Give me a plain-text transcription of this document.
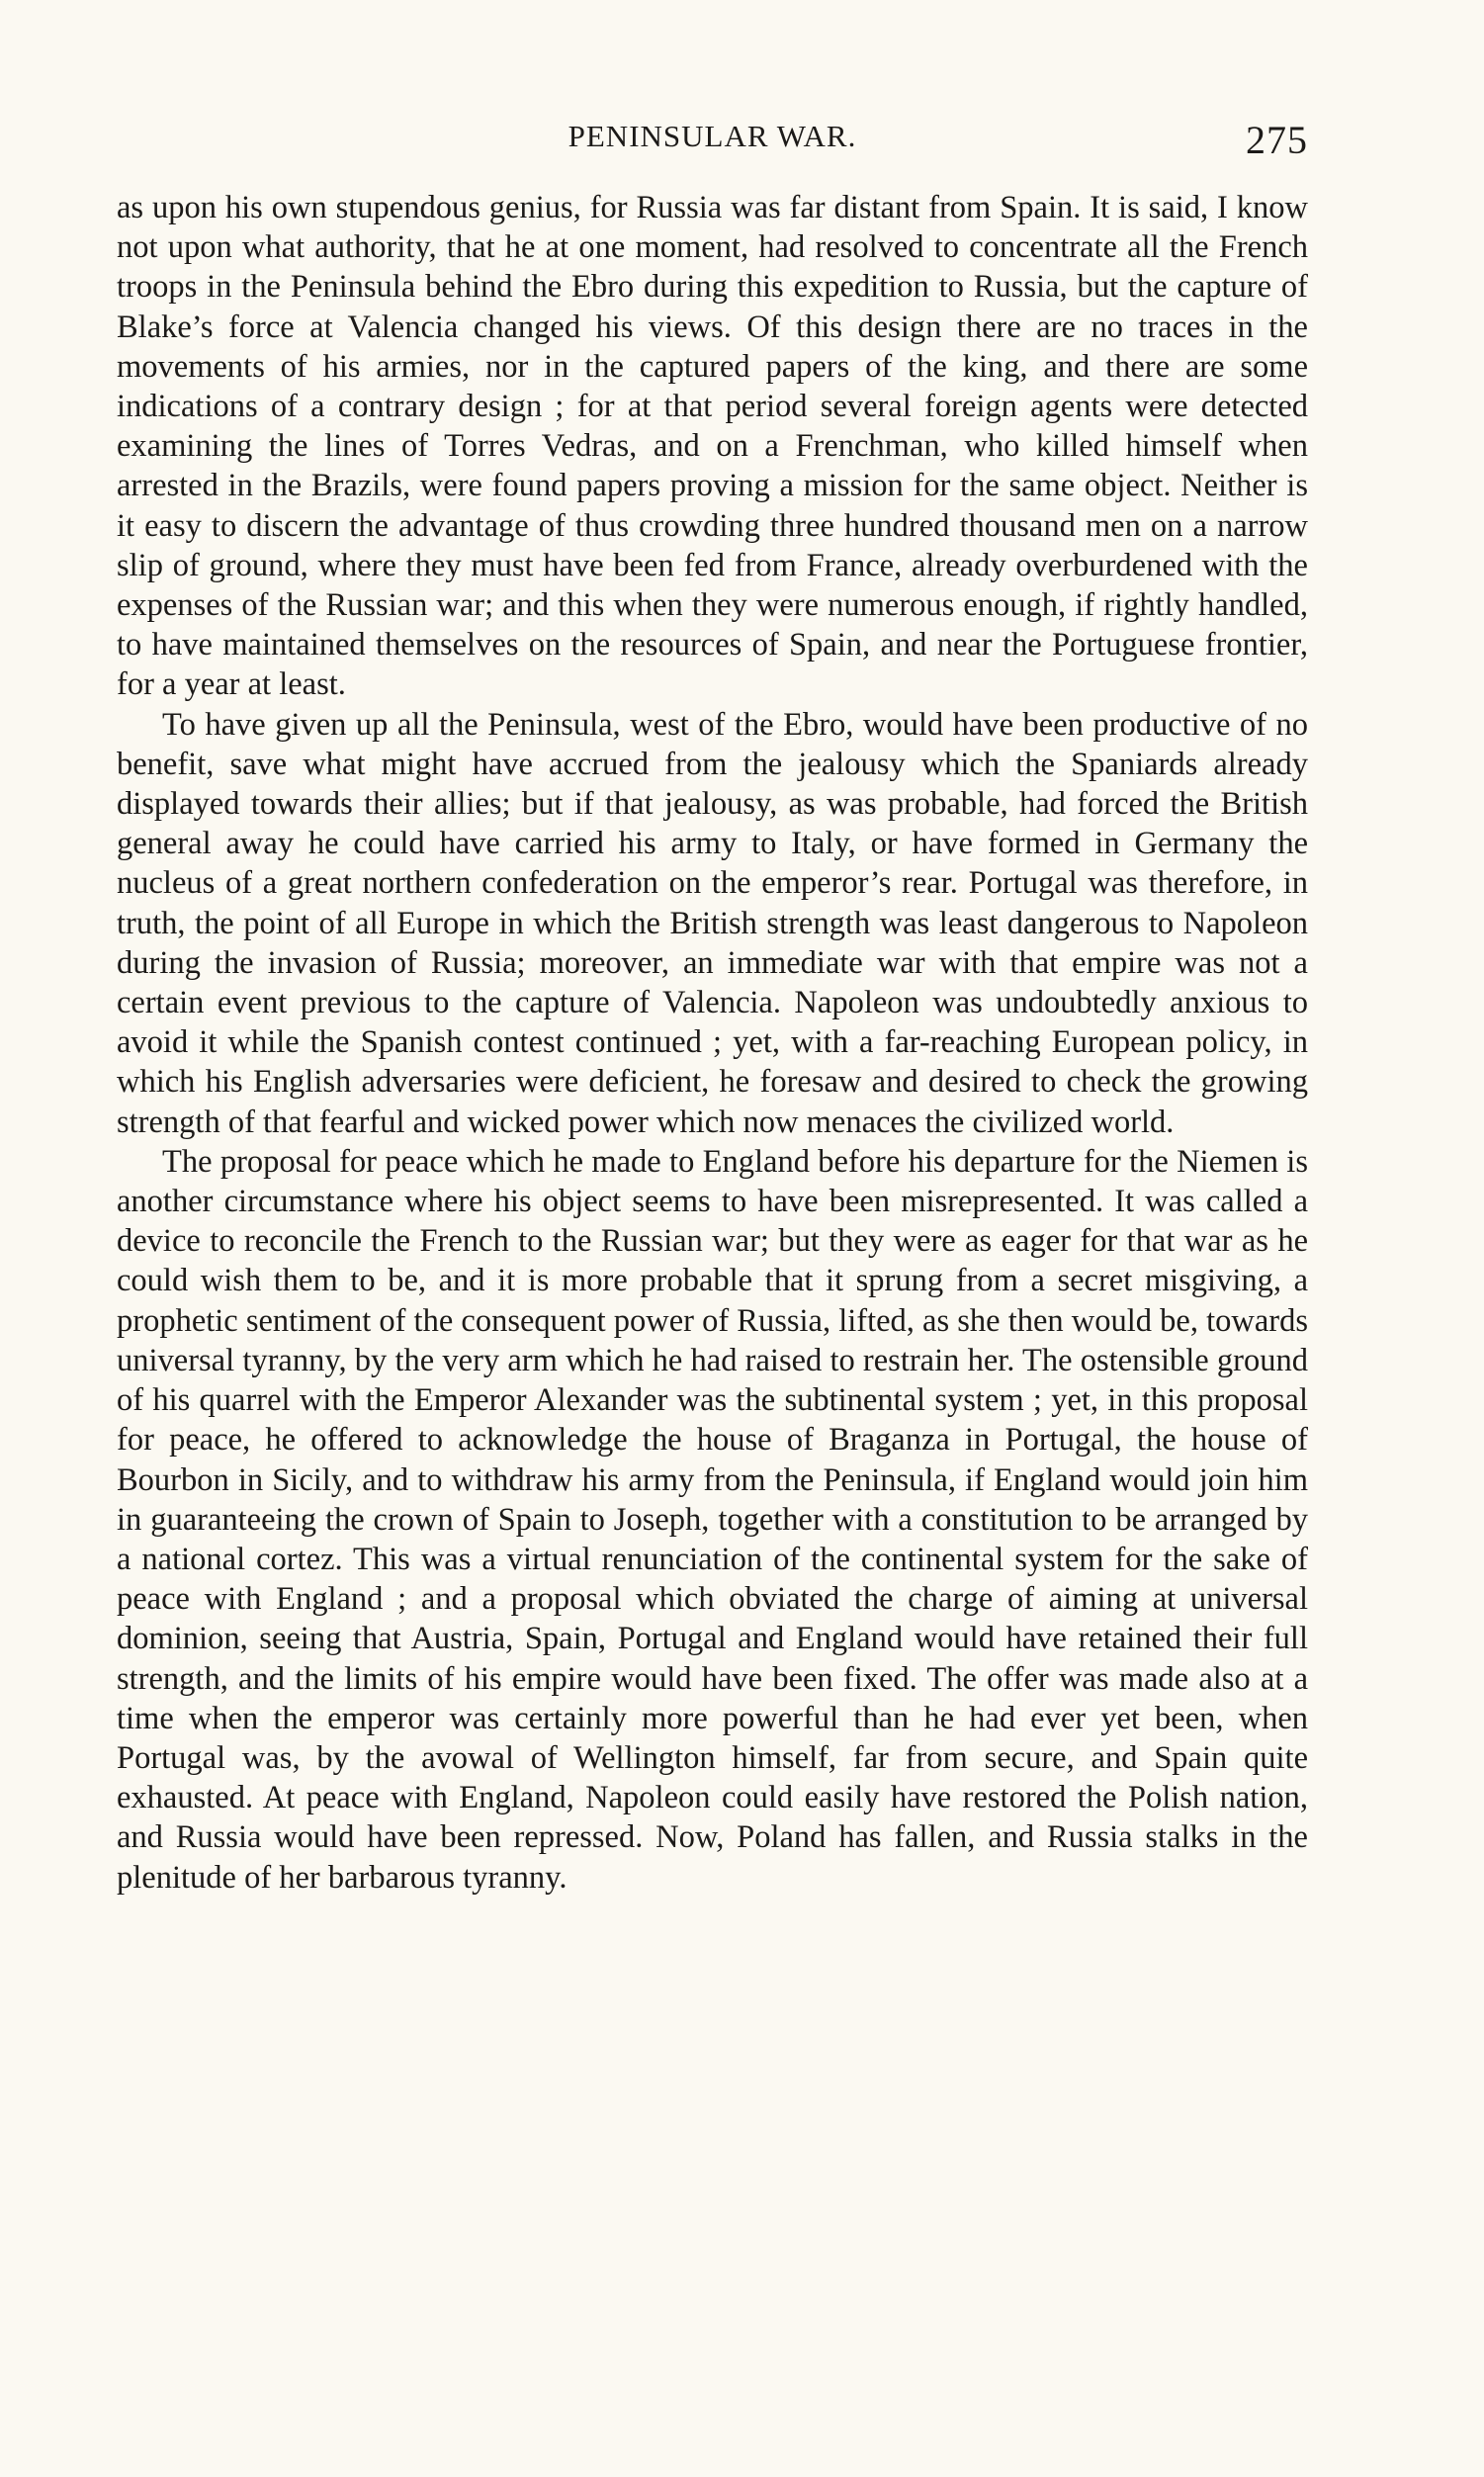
PENINSULAR WAR.	275

as upon his own stupendous genius, for Russia was far distant from Spain. It is said, I know not upon what authority, that he at one moment, had resolved to concentrate all the French troops in the Peninsula behind the Ebro during this expedition to Russia, but the capture of Blake’s force at Valencia changed his views. Of this design there are no traces in the movements of his armies, nor in the captured papers of the king, and there are some indications of a contrary design ; for at that period several foreign agents were detected examining the lines of Torres Vedras, and on a Frenchman, who killed himself when arrested in the Brazils, were found papers proving a mission for the same object. Neither is it easy to discern the advantage of thus crowding three hundred thousand men on a narrow slip of ground, where they must have been fed from France, already overburdened with the expenses of the Russian war; and this when they were numerous enough, if rightly handled, to have maintained themselves on the resources of Spain, and near the Portuguese frontier, for a year at least.

To have given up all the Peninsula, west of the Ebro, would have been productive of no benefit, save what might have accrued from the jealousy which the Spaniards already displayed towards their allies; but if that jealousy, as was probable, had forced the British general away he could have carried his army to Italy, or have formed in Germany the nucleus of a great northern confederation on the emperor’s rear. Portugal was therefore, in truth, the point of all Europe in which the British strength was least dangerous to Napoleon during the invasion of Russia; moreover, an immediate war with that empire was not a certain event previous to the capture of Valencia. Napoleon was undoubtedly anxious to avoid it while the Spanish contest continued ; yet, with a far-reaching European policy, in which his English adversaries were deficient, he foresaw and desired to check the growing strength of that fearful and wicked power which now menaces the civilized world.

The proposal for peace which he made to England before his departure for the Niemen is another circumstance where his object seems to have been misrepresented. It was called a device to reconcile the French to the Russian war; but they were as eager for that war as he could wish them to be, and it is more probable that it sprung from a secret misgiving, a prophetic sentiment of the consequent power of Russia, lifted, as she then would be, towards universal tyranny, by the very arm which he had raised to restrain her. The ostensible ground of his quarrel with the Emperor Alexander was the subtinental system ; yet, in this proposal for peace, he offered to acknowledge the house of Braganza in Portugal, the house of Bourbon in Sicily, and to withdraw his army from the Peninsula, if England would join him in guaranteeing the crown of Spain to Joseph, together with a constitution to be arranged by a national cortez. This was a virtual renunciation of the continental system for the sake of peace with England ; and a proposal which obviated the charge of aiming at universal dominion, seeing that Austria, Spain, Portugal and England would have retained their full strength, and the limits of his empire would have been fixed. The offer was made also at a time when the emperor was certainly more powerful than he had ever yet been, when Portugal was, by the avowal of Wellington himself, far from secure, and Spain quite exhausted. At peace with England, Napoleon could easily have restored the Polish nation, and Russia would have been repressed. Now, Poland has fallen, and Russia stalks in the plenitude of her barbarous tyranny.
